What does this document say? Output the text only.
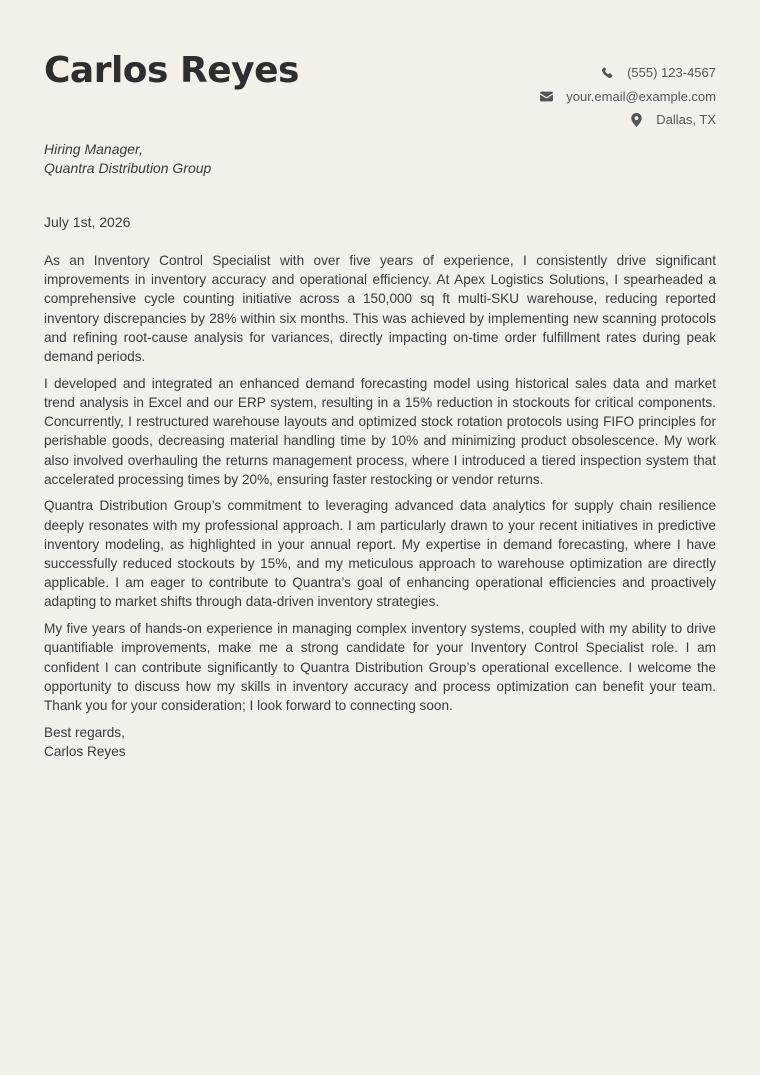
Carlos Reyes	(555) 123-4567
your.email@example.com
Dallas, TX
Hiring Manager,
Quantra Distribution Group
July 1st, 2026

As an Inventory Control Specialist with over five years of experience, I consistently drive significant improvements in inventory accuracy and operational efficiency. At Apex Logistics Solutions, I spearheaded a comprehensive cycle counting initiative across a 150,000 sq ft multi-SKU warehouse, reducing reported inventory discrepancies by 28% within six months. This was achieved by implementing new scanning protocols and refining root-cause analysis for variances, directly impacting on-time order fulfillment rates during peak demand periods.

I developed and integrated an enhanced demand forecasting model using historical sales data and market trend analysis in Excel and our ERP system, resulting in a 15% reduction in stockouts for critical components. Concurrently, I restructured warehouse layouts and optimized stock rotation protocols using FIFO principles for perishable goods, decreasing material handling time by 10% and minimizing product obsolescence. My work also involved overhauling the returns management process, where I introduced a tiered inspection system that accelerated processing times by 20%, ensuring faster restocking or vendor returns.

Quantra Distribution Group’s commitment to leveraging advanced data analytics for supply chain resilience deeply resonates with my professional approach. I am particularly drawn to your recent initiatives in predictive inventory modeling, as highlighted in your annual report. My expertise in demand forecasting, where I have successfully reduced stockouts by 15%, and my meticulous approach to warehouse optimization are directly applicable. I am eager to contribute to Quantra’s goal of enhancing operational efficiencies and proactively adapting to market shifts through data-driven inventory strategies.

My five years of hands-on experience in managing complex inventory systems, coupled with my ability to drive quantifiable improvements, make me a strong candidate for your Inventory Control Specialist role. I am confident I can contribute significantly to Quantra Distribution Group’s operational excellence. I welcome the opportunity to discuss how my skills in inventory accuracy and process optimization can benefit your team. Thank you for your consideration; I look forward to connecting soon.

Best regards,
Carlos Reyes
